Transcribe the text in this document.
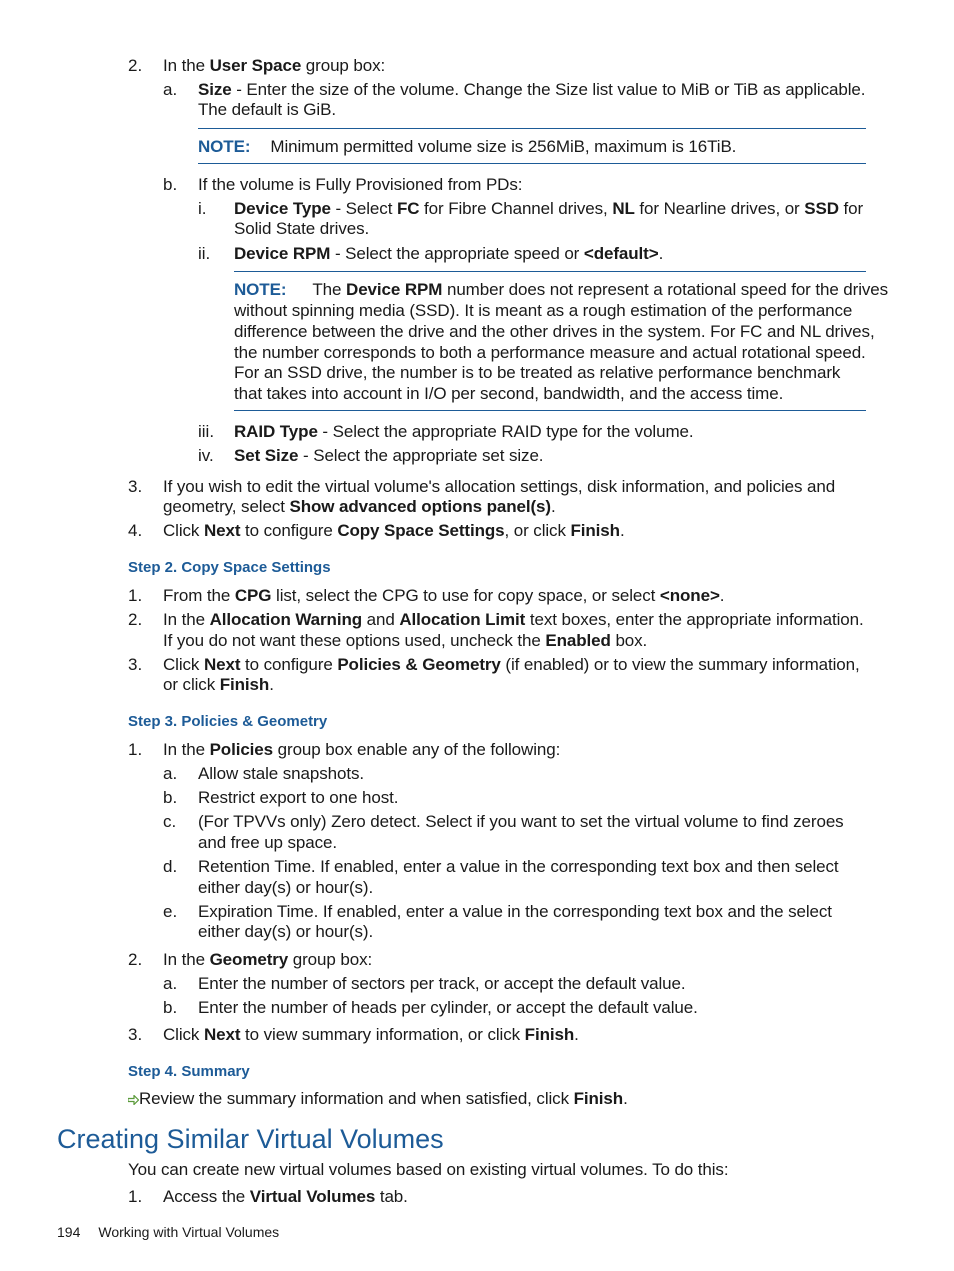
2. In the User Space group box:
a. Size - Enter the size of the volume. Change the Size list value to MiB or TiB as applicable.
The default is GiB.
NOTE: Minimum permitted volume size is 256MiB, maximum is 16TiB.
b. If the volume is Fully Provisioned from PDs:
i. Device Type - Select FC for Fibre Channel drives, NL for Nearline drives, or SSD for
Solid State drives.
ii. Device RPM - Select the appropriate speed or <default>.
NOTE: The Device RPM number does not represent a rotational speed for the drives
without spinning media (SSD). It is meant as a rough estimation of the performance
difference between the drive and the other drives in the system. For FC and NL drives,
the number corresponds to both a performance measure and actual rotational speed.
For an SSD drive, the number is to be treated as relative performance benchmark
that takes into account in I/O per second, bandwidth, and the access time.
iii. RAID Type - Select the appropriate RAID type for the volume.
iv. Set Size - Select the appropriate set size.
3. If you wish to edit the virtual volume's allocation settings, disk information, and policies and
geometry, select Show advanced options panel(s).
4. Click Next to configure Copy Space Settings, or click Finish.
Step 2. Copy Space Settings
1. From the CPG list, select the CPG to use for copy space, or select <none>.
2. In the Allocation Warning and Allocation Limit text boxes, enter the appropriate information.
If you do not want these options used, uncheck the Enabled box.
3. Click Next to configure Policies & Geometry (if enabled) or to view the summary information,
or click Finish.
Step 3. Policies & Geometry
1. In the Policies group box enable any of the following:
a. Allow stale snapshots.
b. Restrict export to one host.
c. (For TPVVs only) Zero detect. Select if you want to set the virtual volume to find zeroes
and free up space.
d. Retention Time. If enabled, enter a value in the corresponding text box and then select
either day(s) or hour(s).
e. Expiration Time. If enabled, enter a value in the corresponding text box and the select
either day(s) or hour(s).
2. In the Geometry group box:
a. Enter the number of sectors per track, or accept the default value.
b. Enter the number of heads per cylinder, or accept the default value.
3. Click Next to view summary information, or click Finish.
Step 4. Summary
Review the summary information and when satisfied, click Finish.
Creating Similar Virtual Volumes
You can create new virtual volumes based on existing virtual volumes. To do this:
1. Access the Virtual Volumes tab.
194 Working with Virtual Volumes
